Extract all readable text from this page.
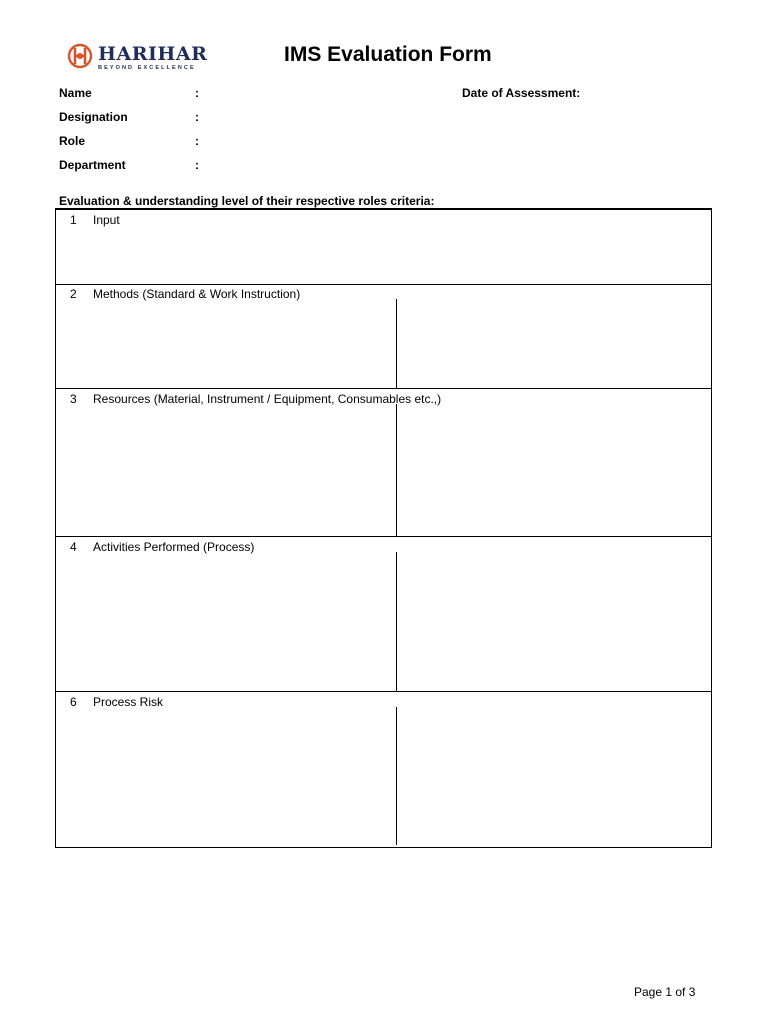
HARIHAR
BEYOND EXCELLENCE
IMS Evaluation Form
Name	:
Designation	:
Role	:
Department	:
Date of Assessment:
Evaluation & understanding level of their respective roles criteria:
1 Input
2 Methods (Standard & Work Instruction)
3 Resources (Material, Instrument / Equipment, Consumables etc.,)
4 Activities Performed (Process)
6 Process Risk
Page 1 of 3
